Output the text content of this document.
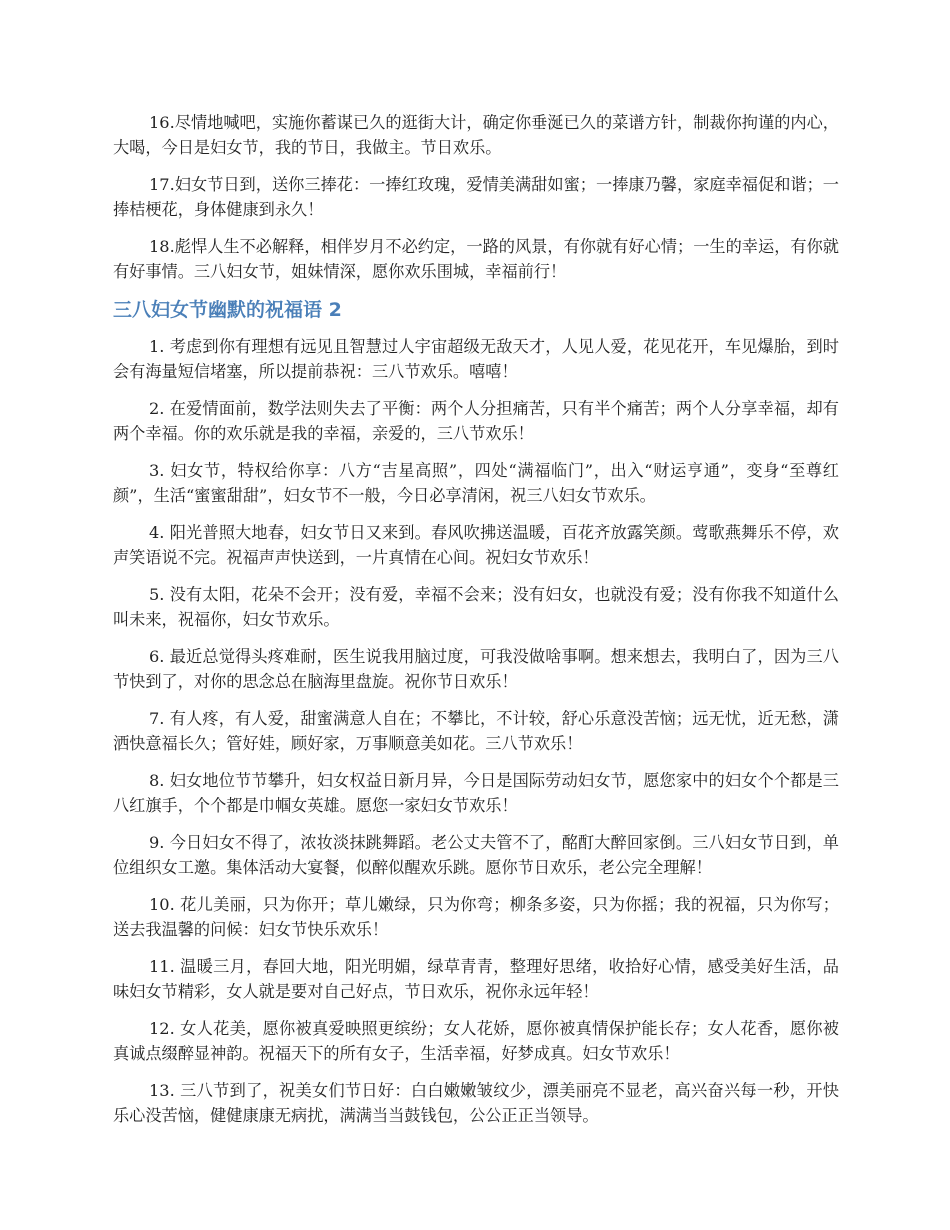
16.尽情地喊吧，实施你蓄谋已久的逛街大计，确定你垂涎已久的菜谱方针，制裁你拘谨的内心，大喝，今日是妇女节，我的节日，我做主。节日欢乐。

17.妇女节日到，送你三捧花：一捧红玫瑰，爱情美满甜如蜜；一捧康乃馨，家庭幸福促和谐；一捧桔梗花，身体健康到永久！

18.彪悍人生不必解释，相伴岁月不必约定，一路的风景，有你就有好心情；一生的幸运，有你就有好事情。三八妇女节，姐妹情深，愿你欢乐围城，幸福前行！

三八妇女节幽默的祝福语 2

1. 考虑到你有理想有远见且智慧过人宇宙超级无敌天才，人见人爱，花见花开，车见爆胎，到时会有海量短信堵塞，所以提前恭祝：三八节欢乐。嘻嘻！

2. 在爱情面前，数学法则失去了平衡：两个人分担痛苦，只有半个痛苦；两个人分享幸福，却有两个幸福。你的欢乐就是我的幸福，亲爱的，三八节欢乐！

3. 妇女节，特权给你享：八方“吉星高照”，四处“满福临门”，出入“财运亨通”，变身“至尊红颜”，生活“蜜蜜甜甜”，妇女节不一般，今日必享清闲，祝三八妇女节欢乐。

4. 阳光普照大地春，妇女节日又来到。春风吹拂送温暖，百花齐放露笑颜。莺歌燕舞乐不停，欢声笑语说不完。祝福声声快送到，一片真情在心间。祝妇女节欢乐！

5. 没有太阳，花朵不会开；没有爱，幸福不会来；没有妇女，也就没有爱；没有你我不知道什么叫未来，祝福你，妇女节欢乐。

6. 最近总觉得头疼难耐，医生说我用脑过度，可我没做啥事啊。想来想去，我明白了，因为三八节快到了，对你的思念总在脑海里盘旋。祝你节日欢乐！

7. 有人疼，有人爱，甜蜜满意人自在；不攀比，不计较，舒心乐意没苦恼；远无忧，近无愁，潇洒快意福长久；管好娃，顾好家，万事顺意美如花。三八节欢乐！

8. 妇女地位节节攀升，妇女权益日新月异，今日是国际劳动妇女节，愿您家中的妇女个个都是三八红旗手，个个都是巾帼女英雄。愿您一家妇女节欢乐！

9. 今日妇女不得了，浓妆淡抹跳舞蹈。老公丈夫管不了，酩酊大醉回家倒。三八妇女节日到，单位组织女工邀。集体活动大宴餐，似醉似醒欢乐跳。愿你节日欢乐，老公完全理解！

10. 花儿美丽，只为你开；草儿嫩绿，只为你弯；柳条多姿，只为你摇；我的祝福，只为你写；送去我温馨的问候：妇女节快乐欢乐！

11. 温暖三月，春回大地，阳光明媚，绿草青青，整理好思绪，收拾好心情，感受美好生活，品味妇女节精彩，女人就是要对自己好点，节日欢乐，祝你永远年轻！

12. 女人花美，愿你被真爱映照更缤纷；女人花娇，愿你被真情保护能长存；女人花香，愿你被真诚点缀醉显神韵。祝福天下的所有女子，生活幸福，好梦成真。妇女节欢乐！

13. 三八节到了，祝美女们节日好：白白嫩嫩皱纹少，漂美丽亮不显老，高兴奋兴每一秒，开快乐心没苦恼，健健康康无病扰，满满当当鼓钱包，公公正正当领导。
